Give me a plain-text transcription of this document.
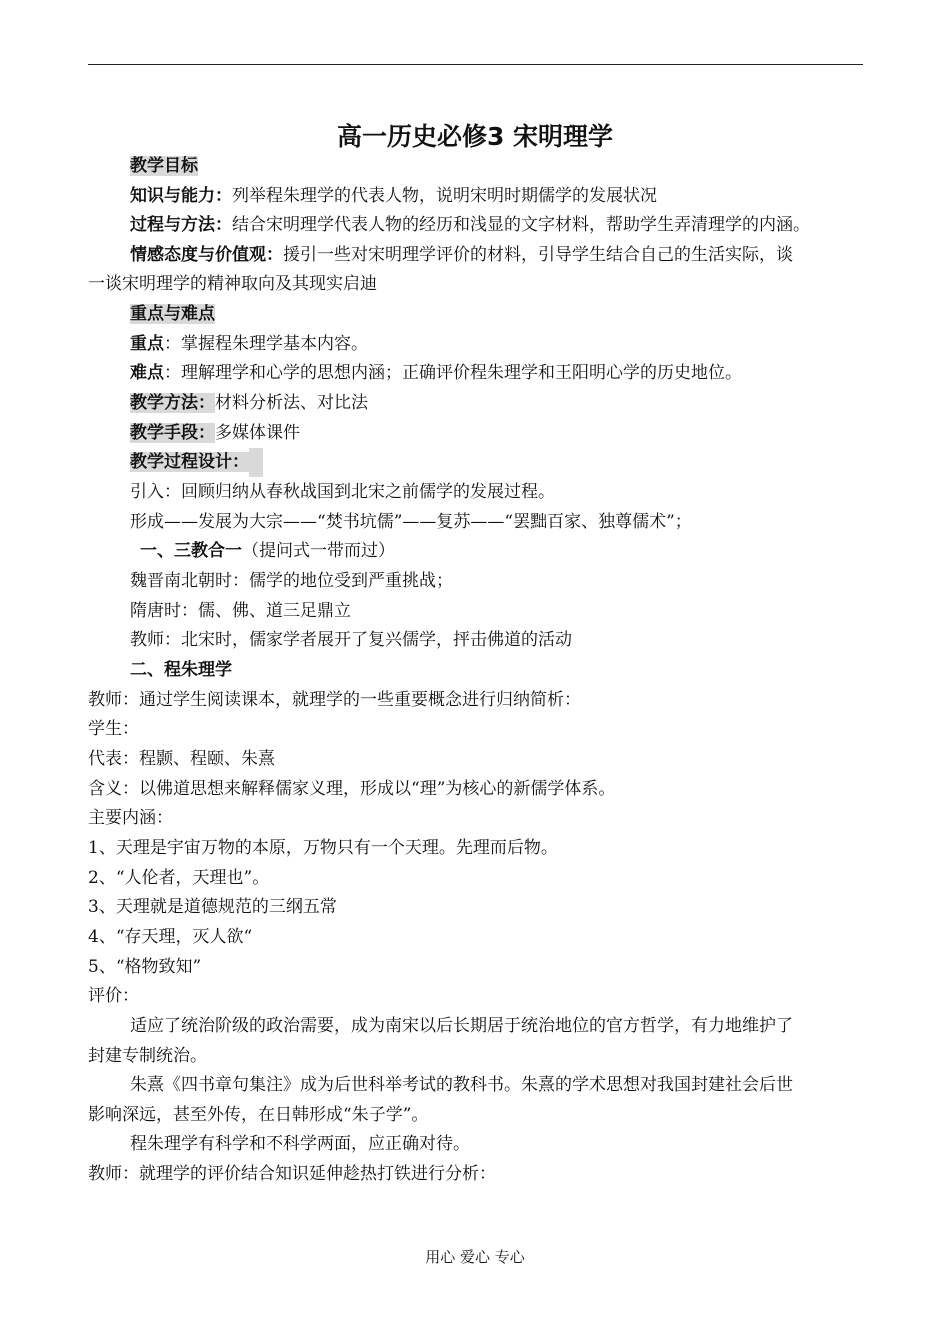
高一历史必修3 宋明理学
教学目标
知识与能力：列举程朱理学的代表人物，说明宋明时期儒学的发展状况
过程与方法：结合宋明理学代表人物的经历和浅显的文字材料，帮助学生弄清理学的内涵。
情感态度与价值观：援引一些对宋明理学评价的材料，引导学生结合自己的生活实际，谈
一谈宋明理学的精神取向及其现实启迪
重点与难点
重点：掌握程朱理学基本内容。
难点：理解理学和心学的思想内涵；正确评价程朱理学和王阳明心学的历史地位。
教学方法：材料分析法、对比法
教学手段：多媒体课件
教学过程设计：
引入：回顾归纳从春秋战国到北宋之前儒学的发展过程。
形成——发展为大宗——“焚书坑儒”——复苏——“罢黜百家、独尊儒术”；
一、三教合一（提问式一带而过）
魏晋南北朝时：儒学的地位受到严重挑战；
隋唐时：儒、佛、道三足鼎立
教师：北宋时，儒家学者展开了复兴儒学，抨击佛道的活动
二、程朱理学
教师：通过学生阅读课本，就理学的一些重要概念进行归纳简析：
学生：
代表：程颢、程颐、朱熹
含义：以佛道思想来解释儒家义理，形成以“理”为核心的新儒学体系。
主要内涵：
1、天理是宇宙万物的本原，万物只有一个天理。先理而后物。
2、“人伦者，天理也”。
3、天理就是道德规范的三纲五常
4、“存天理，灭人欲“
5、“格物致知”
评价：
适应了统治阶级的政治需要，成为南宋以后长期居于统治地位的官方哲学，有力地维护了
封建专制统治。
朱熹《四书章句集注》成为后世科举考试的教科书。朱熹的学术思想对我国封建社会后世
影响深远，甚至外传，在日韩形成“朱子学”。
程朱理学有科学和不科学两面，应正确对待。
教师：就理学的评价结合知识延伸趁热打铁进行分析：
用心 爱心 专心
